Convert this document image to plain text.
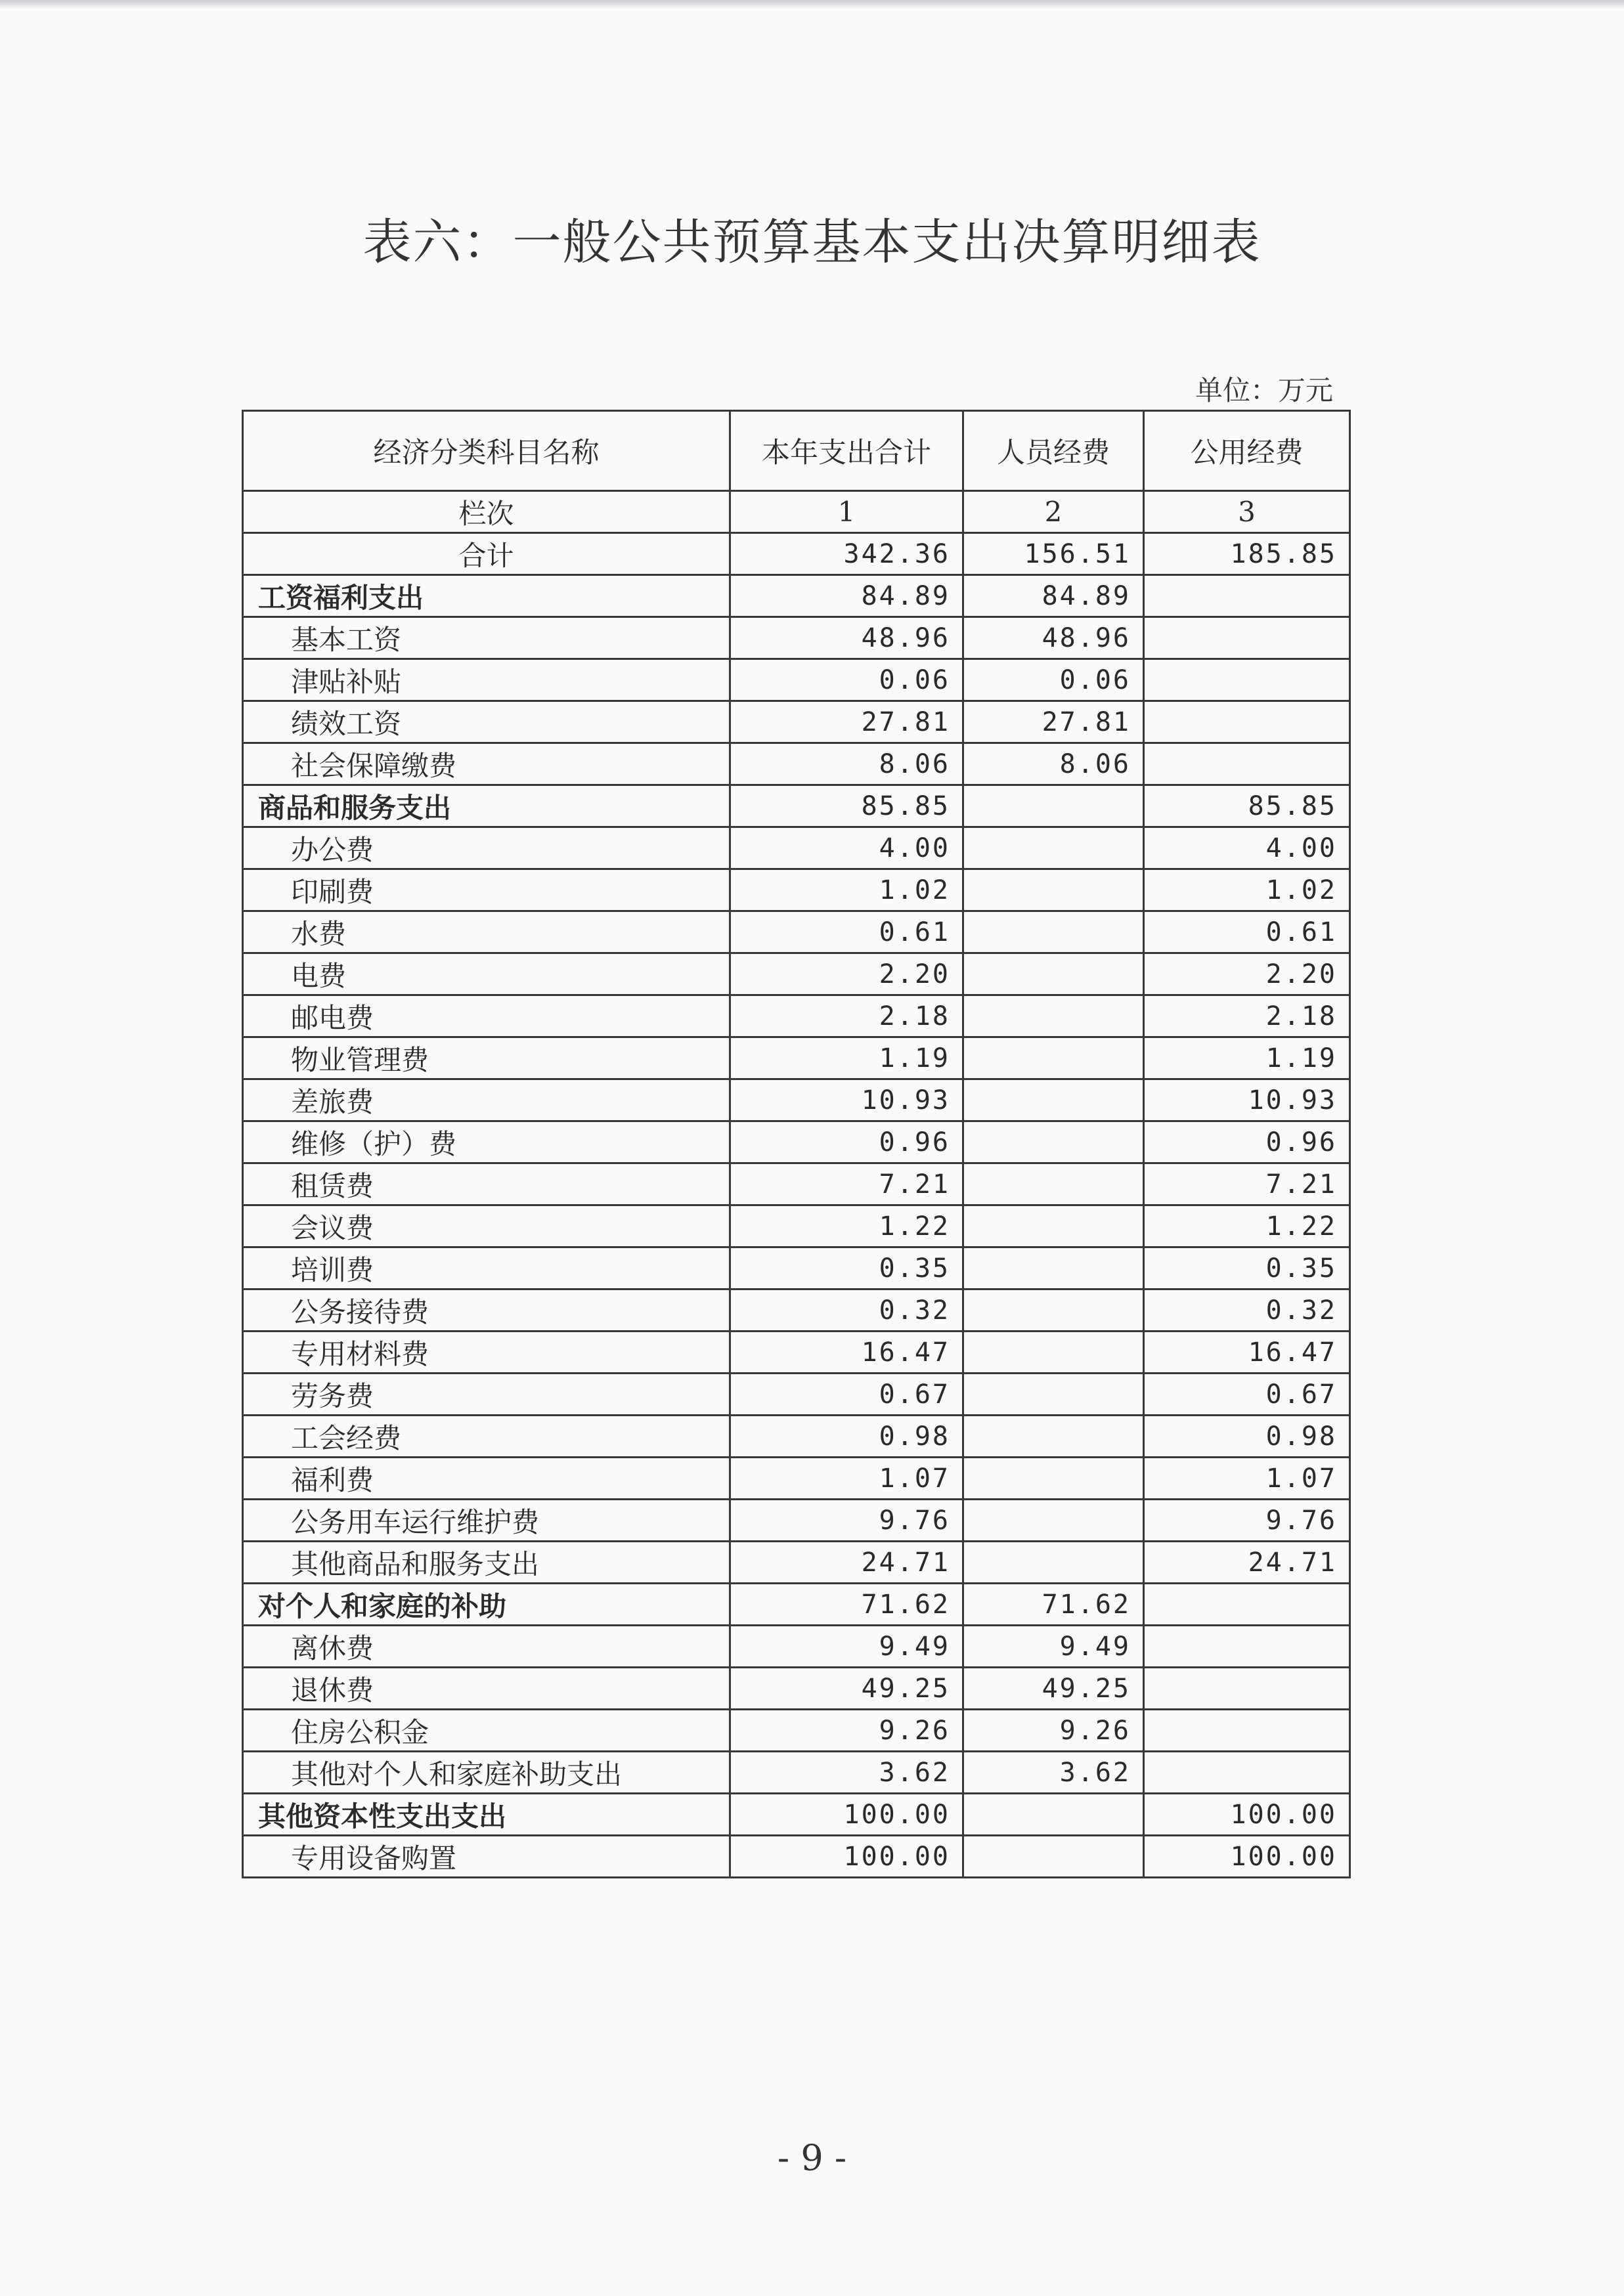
表六：一般公共预算基本支出决算明细表
单位：万元
经济分类科目名称	本年支出合计	人员经费	公用经费
栏次	1	2	3
合计	342.36	156.51	185.85
工资福利支出	84.89	84.89	
基本工资	48.96	48.96	
津贴补贴	0.06	0.06	
绩效工资	27.81	27.81	
社会保障缴费	8.06	8.06	
商品和服务支出	85.85		85.85
办公费	4.00		4.00
印刷费	1.02		1.02
水费	0.61		0.61
电费	2.20		2.20
邮电费	2.18		2.18
物业管理费	1.19		1.19
差旅费	10.93		10.93
维修（护）费	0.96		0.96
租赁费	7.21		7.21
会议费	1.22		1.22
培训费	0.35		0.35
公务接待费	0.32		0.32
专用材料费	16.47		16.47
劳务费	0.67		0.67
工会经费	0.98		0.98
福利费	1.07		1.07
公务用车运行维护费	9.76		9.76
其他商品和服务支出	24.71		24.71
对个人和家庭的补助	71.62	71.62	
离休费	9.49	9.49	
退休费	49.25	49.25	
住房公积金	9.26	9.26	
其他对个人和家庭补助支出	3.62	3.62	
其他资本性支出支出	100.00		100.00
专用设备购置	100.00		100.00
- 9 -
